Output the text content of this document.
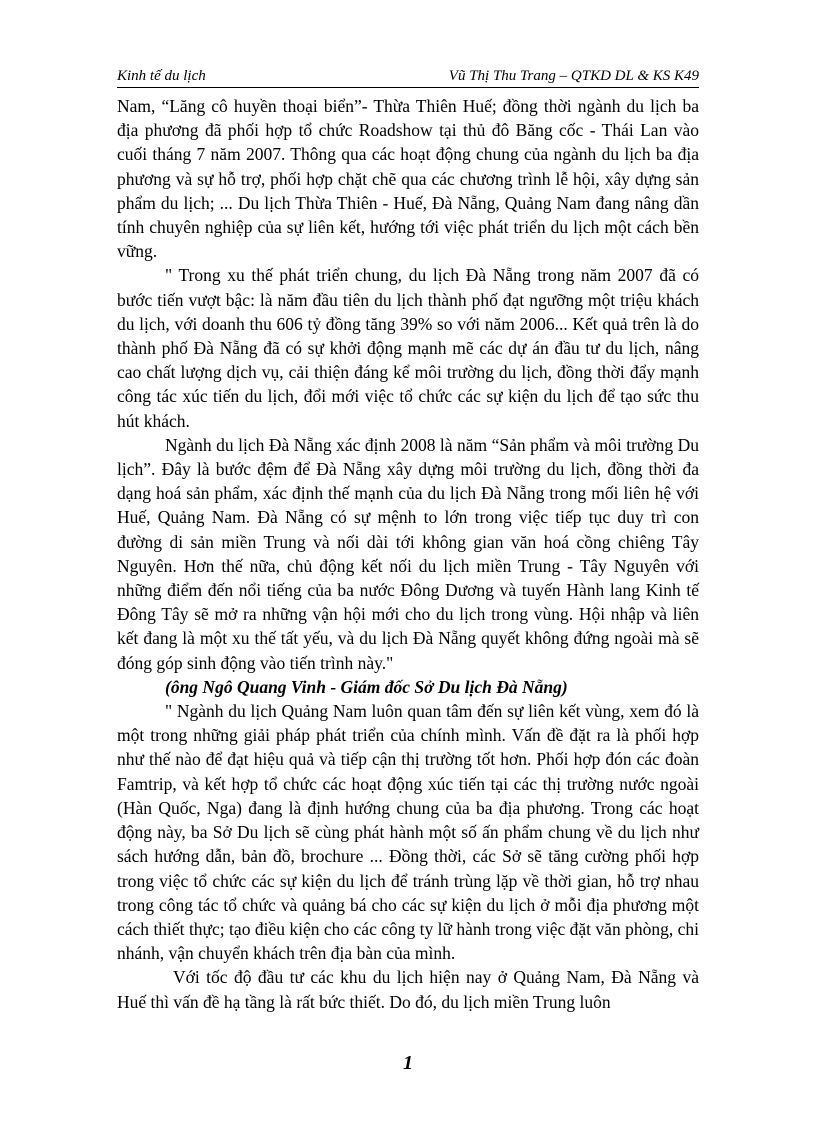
Kinh tế du lịch	Vũ Thị Thu Trang – QTKD DL & KS K49

Nam, “Lăng cô huyền thoại biển”- Thừa Thiên Huế; đồng thời ngành du lịch ba địa phương đã phối hợp tổ chức Roadshow tại thủ đô Băng cốc - Thái Lan vào cuối tháng 7 năm 2007. Thông qua các hoạt động chung của ngành du lịch ba địa phương và sự hỗ trợ, phối hợp chặt chẽ qua các chương trình lễ hội, xây dựng sản phẩm du lịch; ... Du lịch Thừa Thiên - Huế, Đà Nẵng, Quảng Nam đang nâng dần tính chuyên nghiệp của sự liên kết, hướng tới việc phát triển du lịch một cách bền vững.

" Trong xu thế phát triển chung, du lịch Đà Nẵng trong năm 2007 đã có bước tiến vượt bậc: là năm đầu tiên du lịch thành phố đạt ngưỡng một triệu khách du lịch, với doanh thu 606 tỷ đồng tăng 39% so với năm 2006... Kết quả trên là do thành phố Đà Nẵng đã có sự khởi động mạnh mẽ các dự án đầu tư du lịch, nâng cao chất lượng dịch vụ, cải thiện đáng kể môi trường du lịch, đồng thời đẩy mạnh công tác xúc tiến du lịch, đổi mới việc tổ chức các sự kiện du lịch để tạo sức thu hút khách.

Ngành du lịch Đà Nẵng xác định 2008 là năm “Sản phẩm và môi trường Du lịch”. Đây là bước đệm để Đà Nẵng xây dựng môi trường du lịch, đồng thời đa dạng hoá sản phẩm, xác định thế mạnh của du lịch Đà Nẵng trong mối liên hệ với Huế, Quảng Nam. Đà Nẵng có sự mệnh to lớn trong việc tiếp tục duy trì con đường di sản miền Trung và nối dài tới không gian văn hoá cồng chiêng Tây Nguyên. Hơn thế nữa, chủ động kết nối du lịch miền Trung - Tây Nguyên với những điểm đến nổi tiếng của ba nước Đông Dương và tuyến Hành lang Kinh tế Đông Tây sẽ mở ra những vận hội mới cho du lịch trong vùng. Hội nhập và liên kết đang là một xu thế tất yếu, và du lịch Đà Nẵng quyết không đứng ngoài mà sẽ đóng góp sinh động vào tiến trình này."

(ông Ngô Quang Vinh - Giám đốc Sở Du lịch Đà Nẵng)

" Ngành du lịch Quảng Nam luôn quan tâm đến sự liên kết vùng, xem đó là một trong những giải pháp phát triển của chính mình. Vấn đề đặt ra là phối hợp như thế nào để đạt hiệu quả và tiếp cận thị trường tốt hơn. Phối hợp đón các đoàn Famtrip, và kết hợp tổ chức các hoạt động xúc tiến tại các thị trường nước ngoài (Hàn Quốc, Nga) đang là định hướng chung của ba địa phương. Trong các hoạt động này, ba Sở Du lịch sẽ cùng phát hành một số ấn phẩm chung về du lịch như sách hướng dẫn, bản đồ, brochure ... Đồng thời, các Sở sẽ tăng cường phối hợp trong việc tổ chức các sự kiện du lịch để tránh trùng lặp về thời gian, hỗ trợ nhau trong công tác tổ chức và quảng bá cho các sự kiện du lịch ở mỗi địa phương một cách thiết thực; tạo điều kiện cho các công ty lữ hành trong việc đặt văn phòng, chi nhánh, vận chuyển khách trên địa bàn của mình.

Với tốc độ đầu tư các khu du lịch hiện nay ở Quảng Nam, Đà Nẵng và Huế thì vấn đề hạ tầng là rất bức thiết. Do đó, du lịch miền Trung luôn

1
